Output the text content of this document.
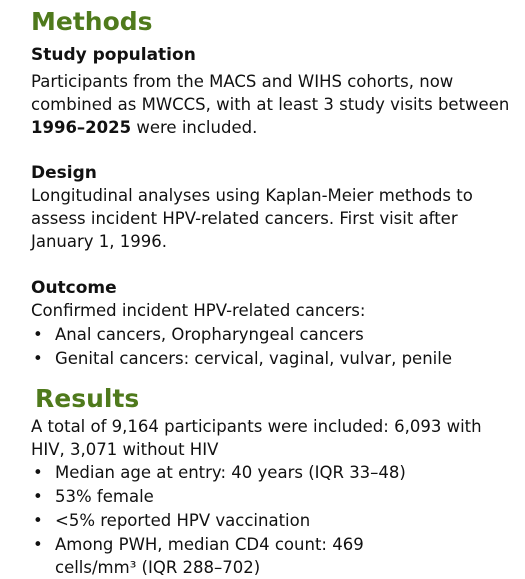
Methods
Study population

Participants from the MACS and WIHS cohorts, now combined as MWCCS, with at least 3 study visits between 1996–2025 were included.

Design

Longitudinal analyses using Kaplan-Meier methods to assess incident HPV-related cancers. First visit after January 1, 1996.

Outcome

Confirmed incident HPV-related cancers:

• Anal cancers, Oropharyngeal cancers
• Genital cancers: cervical, vaginal, vulvar, penile
Results

A total of 9,164 participants were included: 6,093 with HIV, 3,071 without HIV

• Median age at entry: 40 years (IQR 33–48)
• 53% female
• <5% reported HPV vaccination
• Among PWH, median CD4 count: 469 cells/mm³ (IQR 288–702)
